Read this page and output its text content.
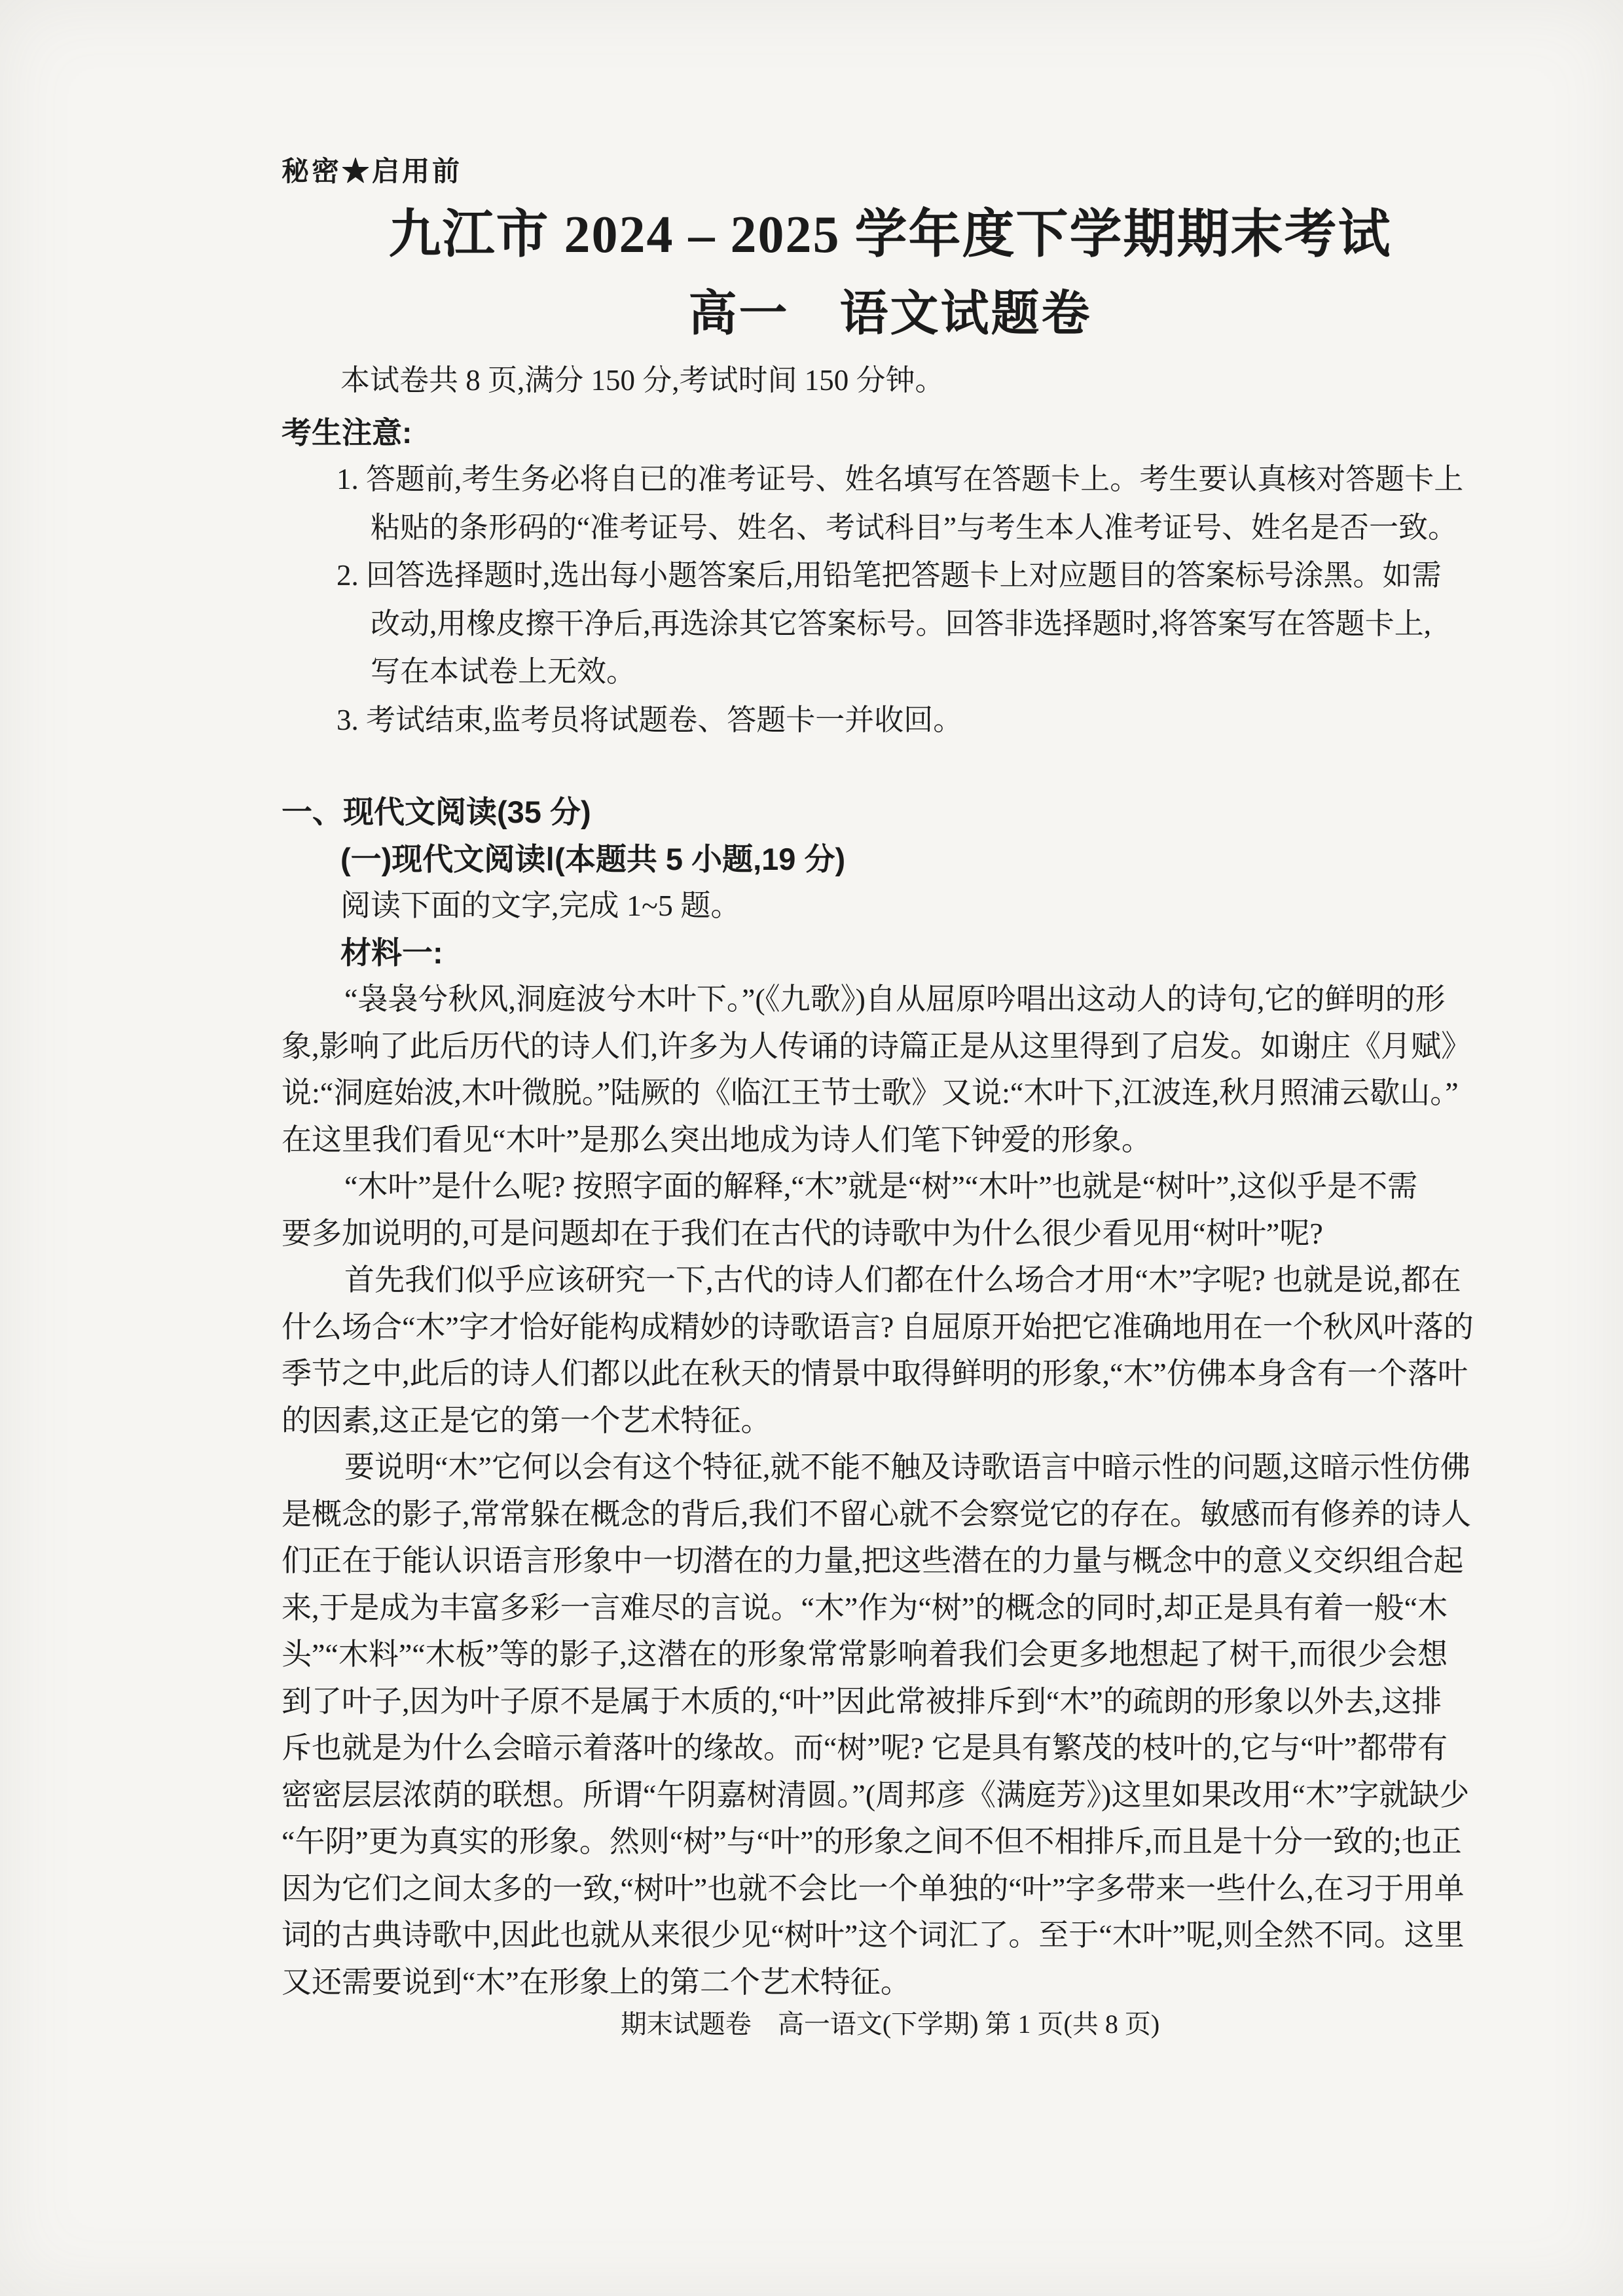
秘密★启用前
九江市 2024 – 2025 学年度下学期期末考试
高一　语文试题卷
本试卷共 8 页,满分 150 分,考试时间 150 分钟。
考生注意:
1. 答题前,考生务必将自已的准考证号、姓名填写在答题卡上。考生要认真核对答题卡上
粘贴的条形码的“准考证号、姓名、考试科目”与考生本人准考证号、姓名是否一致。
2. 回答选择题时,选出每小题答案后,用铅笔把答题卡上对应题目的答案标号涂黑。如需
改动,用橡皮擦干净后,再选涂其它答案标号。回答非选择题时,将答案写在答题卡上,
写在本试卷上无效。
3. 考试结束,监考员将试题卷、答题卡一并收回。
一、现代文阅读(35 分)
(一)现代文阅读Ⅰ(本题共 5 小题,19 分)
阅读下面的文字,完成 1~5 题。
材料一:
“袅袅兮秋风,洞庭波兮木叶下。”(《九歌》)自从屈原吟唱出这动人的诗句,它的鲜明的形
象,影响了此后历代的诗人们,许多为人传诵的诗篇正是从这里得到了启发。如谢庄《月赋》
说:“洞庭始波,木叶微脱。”陆厥的《临江王节士歌》又说:“木叶下,江波连,秋月照浦云歇山。”
在这里我们看见“木叶”是那么突出地成为诗人们笔下钟爱的形象。
“木叶”是什么呢? 按照字面的解释,“木”就是“树”“木叶”也就是“树叶”,这似乎是不需
要多加说明的,可是问题却在于我们在古代的诗歌中为什么很少看见用“树叶”呢?
首先我们似乎应该研究一下,古代的诗人们都在什么场合才用“木”字呢? 也就是说,都在
什么场合“木”字才恰好能构成精妙的诗歌语言? 自屈原开始把它准确地用在一个秋风叶落的
季节之中,此后的诗人们都以此在秋天的情景中取得鲜明的形象,“木”仿佛本身含有一个落叶
的因素,这正是它的第一个艺术特征。
要说明“木”它何以会有这个特征,就不能不触及诗歌语言中暗示性的问题,这暗示性仿佛
是概念的影子,常常躲在概念的背后,我们不留心就不会察觉它的存在。敏感而有修养的诗人
们正在于能认识语言形象中一切潜在的力量,把这些潜在的力量与概念中的意义交织组合起
来,于是成为丰富多彩一言难尽的言说。“木”作为“树”的概念的同时,却正是具有着一般“木
头”“木料”“木板”等的影子,这潜在的形象常常影响着我们会更多地想起了树干,而很少会想
到了叶子,因为叶子原不是属于木质的,“叶”因此常被排斥到“木”的疏朗的形象以外去,这排
斥也就是为什么会暗示着落叶的缘故。而“树”呢? 它是具有繁茂的枝叶的,它与“叶”都带有
密密层层浓荫的联想。所谓“午阴嘉树清圆。”(周邦彦《满庭芳》)这里如果改用“木”字就缺少
“午阴”更为真实的形象。然则“树”与“叶”的形象之间不但不相排斥,而且是十分一致的;也正
因为它们之间太多的一致,“树叶”也就不会比一个单独的“叶”字多带来一些什么,在习于用单
词的古典诗歌中,因此也就从来很少见“树叶”这个词汇了。至于“木叶”呢,则全然不同。这里
又还需要说到“木”在形象上的第二个艺术特征。
期末试题卷　高一语文(下学期) 第 1 页(共 8 页)
